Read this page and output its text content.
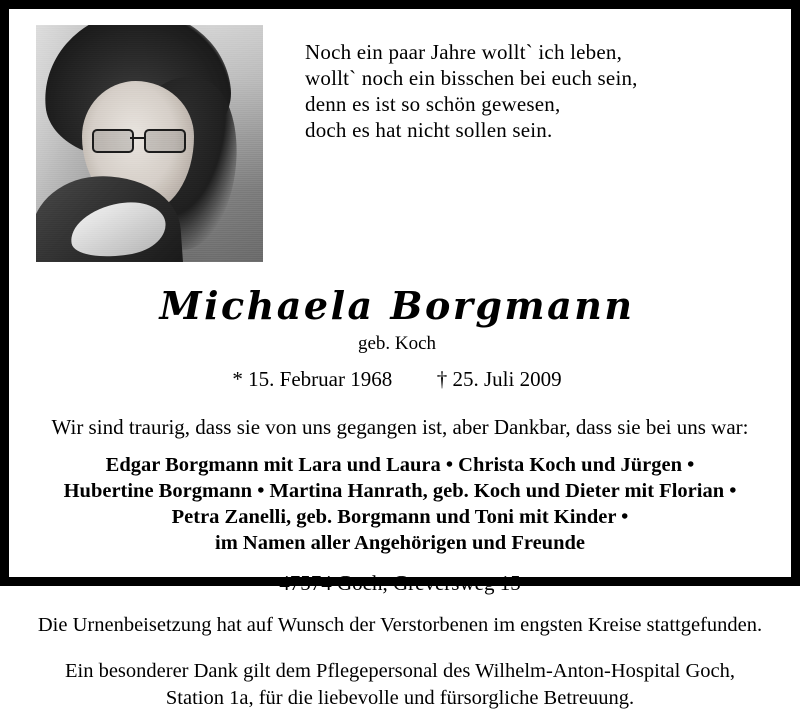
Noch ein paar Jahre wollt` ich leben,

wollt` noch ein bisschen bei euch sein,

denn es ist so schön gewesen,

doch es hat nicht sollen sein.

Michaela Borgmann

geb. Koch

* 15. Februar 1968 † 25. Juli 2009

Wir sind traurig, dass sie von uns gegangen ist, aber Dankbar, dass sie bei uns war:

Edgar Borgmann mit Lara und Laura • Christa Koch und Jürgen •
Hubertine Borgmann • Martina Hanrath, geb. Koch und Dieter mit Florian •
Petra Zanelli, geb. Borgmann und Toni mit Kinder •
im Namen aller Angehörigen und Freunde

47574 Goch, Greversweg 15

Die Urnenbeisetzung hat auf Wunsch der Verstorbenen im engsten Kreise stattgefunden.

Ein besonderer Dank gilt dem Pflegepersonal des Wilhelm-Anton-Hospital Goch,
Station 1a, für die liebevolle und fürsorgliche Betreuung.
